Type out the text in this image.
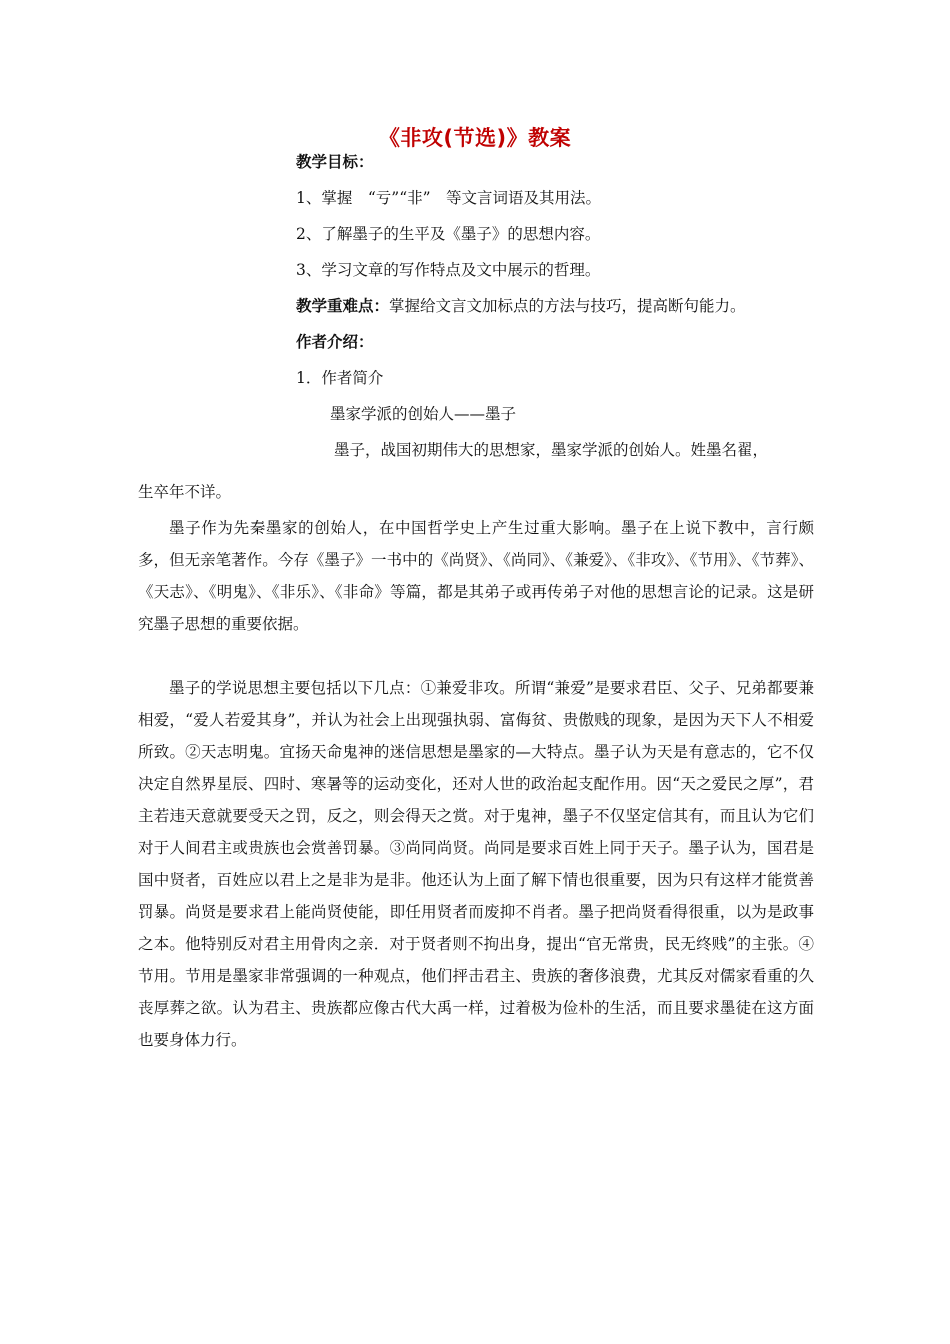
《非攻(节选)》教案
教学目标：
1、掌握　“亏”“非”　等文言词语及其用法。
2、了解墨子的生平及《墨子》的思想内容。
3、学习文章的写作特点及文中展示的哲理。
教学重难点：掌握给文言文加标点的方法与技巧，提高断句能力。
作者介绍：
1．作者简介
墨家学派的创始人——墨子
墨子，战国初期伟大的思想家，墨家学派的创始人。姓墨名翟，
生卒年不详。
墨子作为先秦墨家的创始人，在中国哲学史上产生过重大影响。墨子在上说下教中，言行颇多，但无亲笔著作。今存《墨子》一书中的《尚贤》、《尚同》、《兼爱》、《非攻》、《节用》、《节葬》、《天志》、《明鬼》、《非乐》、《非命》等篇，都是其弟子或再传弟子对他的思想言论的记录。这是研究墨子思想的重要依据。
墨子的学说思想主要包括以下几点：①兼爱非攻。所谓“兼爱”是要求君臣、父子、兄弟都要兼相爱，“爱人若爱其身”，并认为社会上出现强执弱、富侮贫、贵傲贱的现象，是因为天下人不相爱所致。②天志明鬼。宜扬天命鬼神的迷信思想是墨家的—大特点。墨子认为天是有意志的，它不仅决定自然界星辰、四时、寒暑等的运动变化，还对人世的政治起支配作用。因“天之爱民之厚”，君主若违天意就要受天之罚，反之，则会得天之赏。对于鬼神，墨子不仅坚定信其有，而且认为它们对于人间君主或贵族也会赏善罚暴。③尚同尚贤。尚同是要求百姓上同于天子。墨子认为，国君是国中贤者，百姓应以君上之是非为是非。他还认为上面了解下情也很重要，因为只有这样才能赏善罚暴。尚贤是要求君上能尚贤使能，即任用贤者而废抑不肖者。墨子把尚贤看得很重，以为是政事之本。他特别反对君主用骨肉之亲．对于贤者则不拘出身，提出“官无常贵，民无终贱”的主张。④节用。节用是墨家非常强调的一种观点，他们抨击君主、贵族的奢侈浪费，尤其反对儒家看重的久丧厚葬之欲。认为君主、贵族都应像古代大禹一样，过着极为俭朴的生活，而且要求墨徒在这方面也要身体力行。
